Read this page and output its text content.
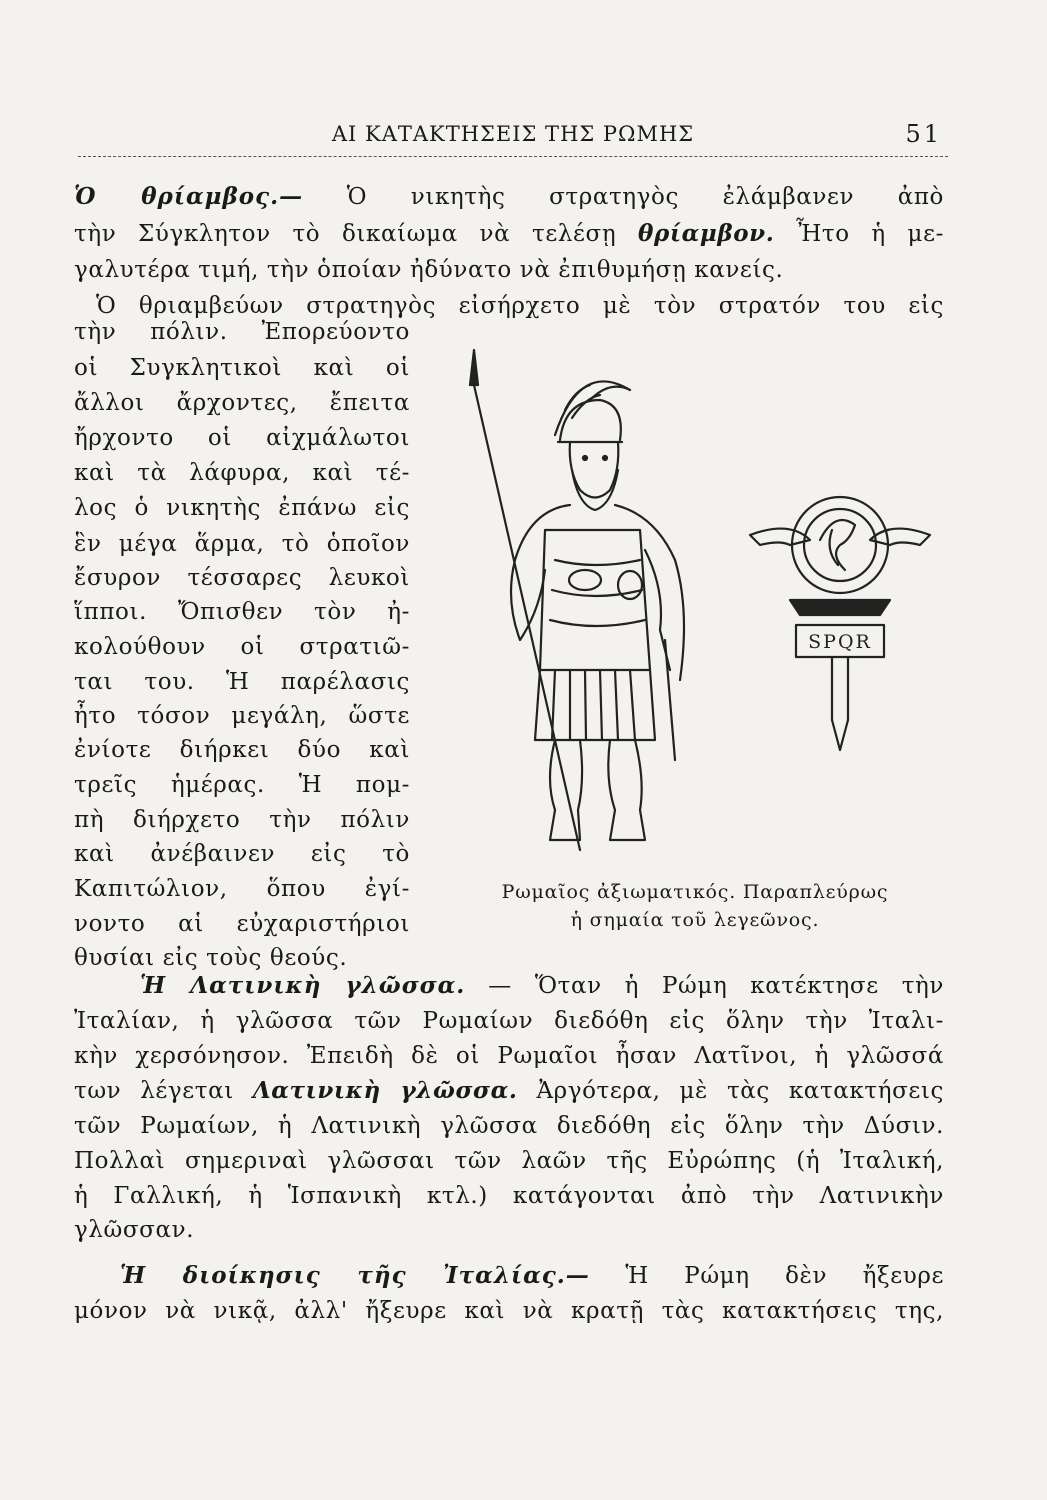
ΑΙ ΚΑΤΑΚΤΗΣΕΙΣ ΤΗΣ ΡΩΜΗΣ	51
Ὁ θρίαμβος.— Ὁ νικητὴς στρατηγὸς ἐλάμβανεν ἀπὸ
τὴν Σύγκλητον τὸ δικαίωμα νὰ τελέσῃ θρίαμβον. Ἦτο ἡ με-
γαλυτέρα τιμή, τὴν ὁποίαν ἠδύνατο νὰ ἐπιθυμήσῃ κανείς.
Ὁ θριαμβεύων στρατηγὸς εἰσήρχετο μὲ τὸν στρατόν του εἰς
τὴν πόλιν. Ἐπορεύοντο
οἱ Συγκλητικοὶ καὶ οἱ
ἄλλοι ἄρχοντες, ἔπειτα
ἤρχοντο οἱ αἰχμάλωτοι
καὶ τὰ λάφυρα, καὶ τέ-
λος ὁ νικητὴς ἐπάνω εἰς
ἓν μέγα ἅρμα, τὸ ὁποῖον
ἔσυρον τέσσαρες λευκοὶ
ἵπποι. Ὄπισθεν τὸν ἠ-
κολούθουν οἱ στρατιῶ-
ται του. Ἡ παρέλασις
ἦτο τόσον μεγάλη, ὥστε
ἐνίοτε διήρκει δύο καὶ
τρεῖς ἡμέρας. Ἡ πομ-
πὴ διήρχετο τὴν πόλιν
καὶ ἀνέβαινεν εἰς τὸ
Καπιτώλιον, ὅπου ἐγί-
νοντο αἱ εὐχαριστήριοι
θυσίαι εἰς τοὺς θεούς.
SPQR
Ρωμαῖος ἀξιωματικός. Παραπλεύρως
ἡ σημαία τοῦ λεγεῶνος.
Ἡ Λατινικὴ γλῶσσα. — Ὅταν ἡ Ρώμη κατέκτησε τὴν
Ἰταλίαν, ἡ γλῶσσα τῶν Ρωμαίων διεδόθη εἰς ὅλην τὴν Ἰταλι-
κὴν χερσόνησον. Ἐπειδὴ δὲ οἱ Ρωμαῖοι ἦσαν Λατῖνοι, ἡ γλῶσσά
των λέγεται Λατινικὴ γλῶσσα. Ἀργότερα, μὲ τὰς κατακτήσεις
τῶν Ρωμαίων, ἡ Λατινικὴ γλῶσσα διεδόθη εἰς ὅλην τὴν Δύσιν.
Πολλαὶ σημεριναὶ γλῶσσαι τῶν λαῶν τῆς Εὐρώπης (ἡ Ἰταλική,
ἡ Γαλλική, ἡ Ἱσπανικὴ κτλ.) κατάγονται ἀπὸ τὴν Λατινικὴν
γλῶσσαν.
Ἡ διοίκησις τῆς Ἰταλίας.— Ἡ Ρώμη δὲν ἤξευρε
μόνον νὰ νικᾷ, ἀλλ' ἤξευρε καὶ νὰ κρατῇ τὰς κατακτήσεις της,
